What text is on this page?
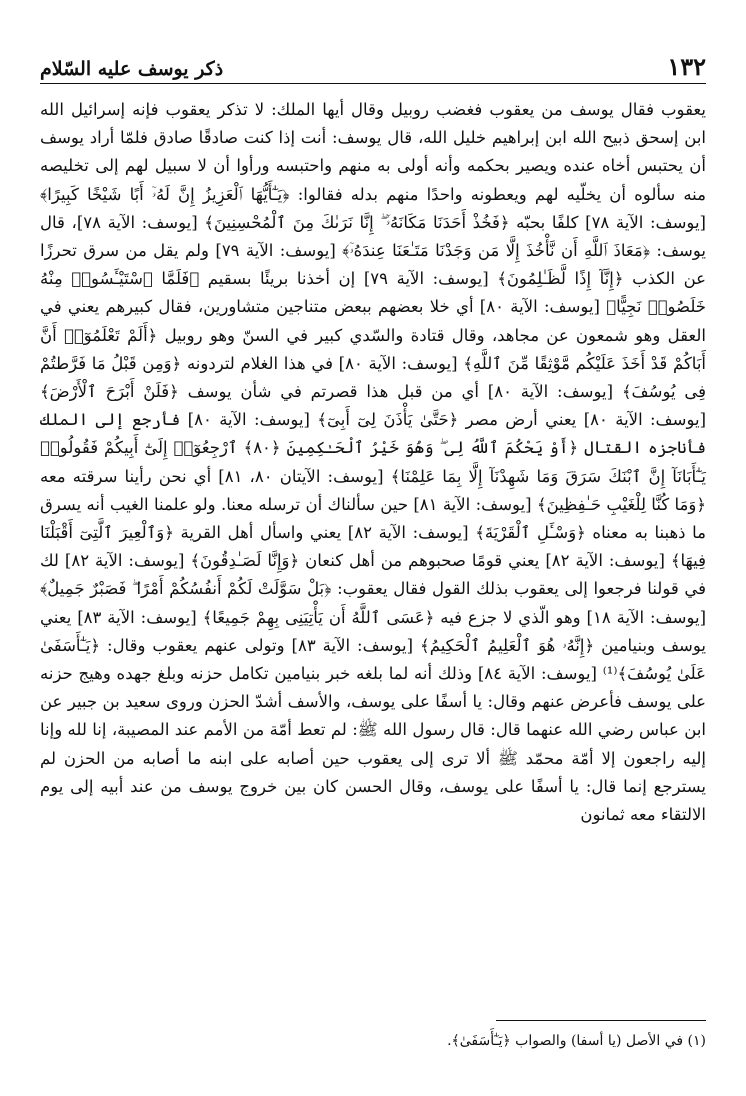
١٣٢
ذكر يوسف عليه السّلام

يعقوب فقال يوسف من يعقوب فغضب روبيل وقال أيها الملك: لا تذكر يعقوب فإنه إسرائيل الله ابن إسحق ذبيح الله ابن إبراهيم خليل الله، قال يوسف: أنت إذا كنت صادقًا صادق فلمّا أراد يوسف أن يحتبس أخاه عنده ويصير بحكمه وأنه أولى به منهم واحتبسه ورأوا أن لا سبيل لهم إلى تخليصه منه سألوه أن يخلّيه لهم ويعطونه واحدًا منهم بدله فقالوا: ﴿يَـٰٓأَيُّهَا ٱلْعَزِيزُ إِنَّ لَهُۥٓ أَبًا شَيْخًا كَبِيرًا﴾ [يوسف: الآية ٧٨] كلفًا بحبّه ﴿فَخُذْ أَحَدَنَا مَكَانَهُۥٓ ۖ إِنَّا نَرَىٰكَ مِنَ ٱلْمُحْسِنِينَ﴾ [يوسف: الآية ٧٨]، قال يوسف: ﴿مَعَاذَ ٱللَّهِ أَن نَّأْخُذَ إِلَّا مَن وَجَدْنَا مَتَـٰعَنَا عِندَهُۥٓ﴾ [يوسف: الآية ٧٩] ولم يقل من سرق تحرزًا عن الكذب ﴿إِنَّآ إِذًا لَّظَـٰلِمُونَ﴾ [يوسف: الآية ٧٩] إن أخذنا بريئًا بسقيم ﴿فَلَمَّا ٱسْتَيْـَٔسُوا۟ مِنْهُ خَلَصُوا۟ نَجِيًّا﴾ [يوسف: الآية ٨٠] أي خلا بعضهم ببعض متناجين متشاورين، فقال كبيرهم يعني في العقل وهو شمعون عن مجاهد، وقال قتادة والسّدي كبير في السنّ وهو روبيل ﴿أَلَمْ تَعْلَمُوٓا۟ أَنَّ أَبَاكُمْ قَدْ أَخَذَ عَلَيْكُم مَّوْثِقًا مِّنَ ٱللَّهِ﴾ [يوسف: الآية ٨٠] في هذا الغلام لتردونه ﴿وَمِن قَبْلُ مَا فَرَّطتُمْ فِى يُوسُفَ﴾ [يوسف: الآية ٨٠] أي من قبل هذا قصرتم في شأن يوسف ﴿فَلَنْ أَبْرَحَ ٱلْأَرْضَ﴾ [يوسف: الآية ٨٠] يعني أرض مصر ﴿حَتَّىٰ يَأْذَنَ لِىٓ أَبِىٓ﴾ [يوسف: الآية ٨٠] فأرجع إلى الملك فأناجزه القتال ﴿أَوْ يَحْكُمَ ٱللَّهُ لِى ۖ وَهُوَ خَيْرُ ٱلْحَـٰكِمِينَ ﴿٨٠﴾ ٱرْجِعُوٓا۟ إِلَىٰٓ أَبِيكُمْ فَقُولُوا۟ يَـٰٓأَبَانَآ إِنَّ ٱبْنَكَ سَرَقَ وَمَا شَهِدْنَآ إِلَّا بِمَا عَلِمْنَا﴾ [يوسف: الآيتان ٨٠، ٨١] أي نحن رأينا سرقته معه ﴿وَمَا كُنَّا لِلْغَيْبِ حَـٰفِظِينَ﴾ [يوسف: الآية ٨١] حين سألناك أن ترسله معنا. ولو علمنا الغيب أنه يسرق ما ذهبنا به معناه ﴿وَسْـَٔلِ ٱلْقَرْيَةَ﴾ [يوسف: الآية ٨٢] يعني واسأل أهل القرية ﴿وَٱلْعِيرَ ٱلَّتِىٓ أَقْبَلْنَا فِيهَا﴾ [يوسف: الآية ٨٢] يعني قومًا صحبوهم من أهل كنعان ﴿وَإِنَّا لَصَـٰدِقُونَ﴾ [يوسف: الآية ٨٢] لك في قولنا فرجعوا إلى يعقوب بذلك القول فقال يعقوب: ﴿بَلْ سَوَّلَتْ لَكُمْ أَنفُسُكُمْ أَمْرًا ۖ فَصَبْرٌ جَمِيلٌ﴾ [يوسف: الآية ١٨] وهو الّذي لا جزع فيه ﴿عَسَى ٱللَّهُ أَن يَأْتِيَنِى بِهِمْ جَمِيعًا﴾ [يوسف: الآية ٨٣] يعني يوسف وبنيامين ﴿إِنَّهُۥ هُوَ ٱلْعَلِيمُ ٱلْحَكِيمُ﴾ [يوسف: الآية ٨٣] وتولى عنهم يعقوب وقال: ﴿يَـٰٓأَسَفَىٰ عَلَىٰ يُوسُفَ﴾⁽¹⁾ [يوسف: الآية ٨٤] وذلك أنه لما بلغه خبر بنيامين تكامل حزنه وبلغ جهده وهيج حزنه على يوسف فأعرض عنهم وقال: يا أسفًا على يوسف، والأسف أشدّ الحزن وروى سعيد بن جبير عن ابن عباس رضي الله عنهما قال: قال رسول الله ﷺ: لم تعط أمّة من الأمم عند المصيبة، إنا لله وإنا إليه راجعون إلا أمّة محمّد ﷺ ألا ترى إلى يعقوب حين أصابه على ابنه ما أصابه من الحزن لم يسترجع إنما قال: يا أسفًا على يوسف، وقال الحسن كان بين خروج يوسف من عند أبيه إلى يوم الالتقاء معه ثمانون

(١) في الأصل (يا أسفا) والصواب ﴿يَـٰٓأَسَفَىٰ﴾.
